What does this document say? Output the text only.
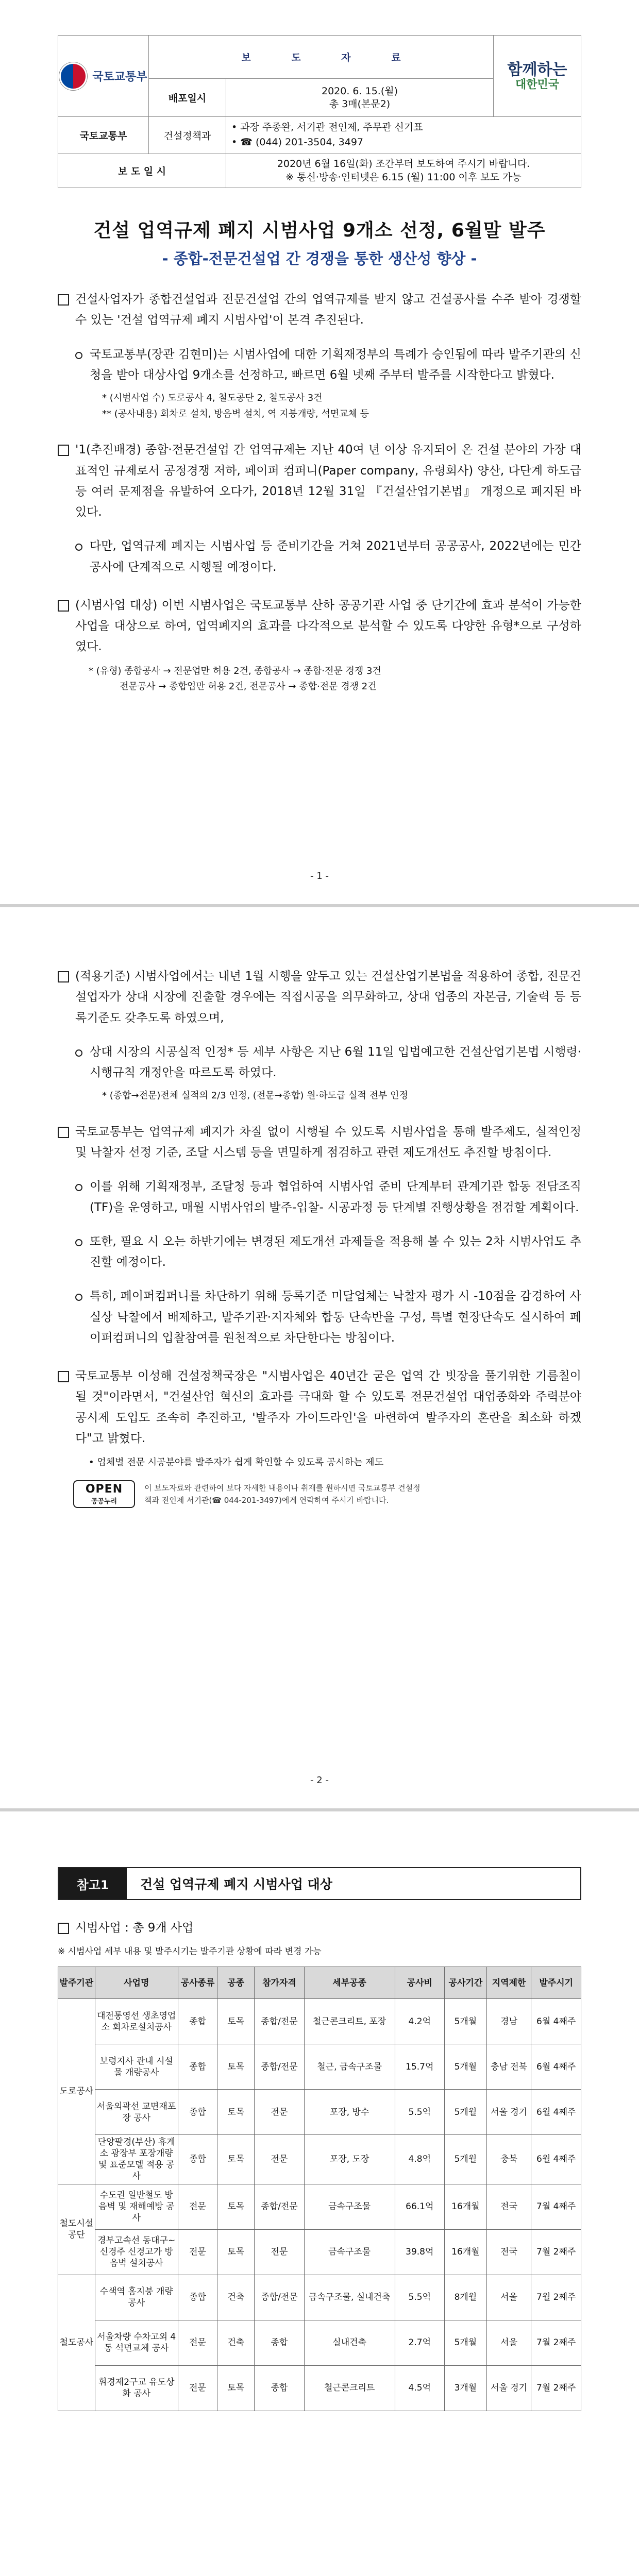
국토교통부	보 도 자 료		함께하는
대한민국

	배포일시	2020. 6. 15.(월)
총 3매(본문2)	

국토교통부	건설정책과	• 과장 주종완, 서기관 전인제, 주무관 신기표
• ☎ (044) 201-3504, 3497	

보 도 일 시		2020년 6월 16일(화) 조간부터 보도하여 주시기 바랍니다.
※ 통신·방송·인터넷은 6.15 (월) 11:00 이후 보도 가능	
건설 업역규제 폐지 시범사업 9개소 선정, 6월말 발주
- 종합-전문건설업 간 경쟁을 통한 생산성 향상 -
건설사업자가 종합건설업과 전문건설업 간의 업역규제를 받지 않고 건설공사를 수주 받아 경쟁할 수 있는 '건설 업역규제 폐지 시범사업'이 본격 추진된다.
국토교통부(장관 김현미)는 시범사업에 대한 기획재정부의 특례가 승인됨에 따라 발주기관의 신청을 받아 대상사업 9개소를 선정하고, 빠르면 6월 넷째 주부터 발주를 시작한다고 밝혔다.
* (시범사업 수) 도로공사 4, 철도공단 2, 철도공사 3건
** (공사내용) 회차로 설치, 방음벽 설치, 역 지붕개량, 석면교체 등
'1(추진배경) 종합·전문건설업 간 업역규제는 지난 40여 년 이상 유지되어 온 건설 분야의 가장 대표적인 규제로서 공정경쟁 저하, 페이퍼 컴퍼니(Paper company, 유령회사) 양산, 다단계 하도급 등 여러 문제점을 유발하여 오다가, 2018년 12월 31일 『건설산업기본법』 개정으로 폐지된 바 있다.
다만, 업역규제 폐지는 시범사업 등 준비기간을 거쳐 2021년부터 공공공사, 2022년에는 민간공사에 단계적으로 시행될 예정이다.
(시범사업 대상) 이번 시범사업은 국토교통부 산하 공공기관 사업 중 단기간에 효과 분석이 가능한 사업을 대상으로 하여, 업역폐지의 효과를 다각적으로 분석할 수 있도록 다양한 유형*으로 구성하였다.
* (유형) 종합공사 → 전문업만 허용 2건, 종합공사 → 종합·전문 경쟁 3건
전문공사 → 종합업만 허용 2건, 전문공사 → 종합·전문 경쟁 2건
- 1 -
(적용기준) 시범사업에서는 내년 1월 시행을 앞두고 있는 건설산업기본법을 적용하여 종합, 전문건설업자가 상대 시장에 진출할 경우에는 직접시공을 의무화하고, 상대 업종의 자본금, 기술력 등 등록기준도 갖추도록 하였으며,
상대 시장의 시공실적 인정* 등 세부 사항은 지난 6월 11일 입법예고한 건설산업기본법 시행령·시행규칙 개정안을 따르도록 하였다.
* (종합→전문)전체 실적의 2/3 인정, (전문→종합) 원·하도급 실적 전부 인정
국토교통부는 업역규제 폐지가 차질 없이 시행될 수 있도록 시범사업을 통해 발주제도, 실적인정 및 낙찰자 선정 기준, 조달 시스템 등을 면밀하게 점검하고 관련 제도개선도 추진할 방침이다.
이를 위해 기획재정부, 조달청 등과 협업하여 시범사업 준비 단계부터 관계기관 합동 전담조직(TF)을 운영하고, 매월 시범사업의 발주-입찰- 시공과정 등 단계별 진행상황을 점검할 계획이다.
또한, 필요 시 오는 하반기에는 변경된 제도개선 과제들을 적용해 볼 수 있는 2차 시범사업도 추진할 예정이다.
특히, 페이퍼컴퍼니를 차단하기 위해 등록기준 미달업체는 낙찰자 평가 시 -10점을 감경하여 사실상 낙찰에서 배제하고, 발주기관·지자체와 합동 단속반을 구성, 특별 현장단속도 실시하여 페이퍼컴퍼니의 입찰참여를 원천적으로 차단한다는 방침이다.
국토교통부 이성해 건설정책국장은 "시범사업은 40년간 굳은 업역 간 빗장을 풀기위한 기름칠이 될 것"이라면서, "건설산업 혁신의 효과를 극대화 할 수 있도록 전문건설업 대업종화와 주력분야 공시제 도입도 조속히 추진하고, '발주자 가이드라인'을 마련하여 발주자의 혼란을 최소화 하겠다"고 밝혔다.
• 업체별 전문 시공분야를 발주자가 쉽게 확인할 수 있도록 공시하는 제도
OPEN
공공누리
이 보도자료와 관련하여 보다 자세한 내용이나 취재를 원하시면 국토교통부 건설정
책과 전인제 서기관(☎ 044-201-3497)에게 연락하여 주시기 바랍니다.
- 2 -
참고1	건설 업역규제 폐지 시범사업 대상
시범사업 : 총 9개 사업
※ 시범사업 세부 내용 및 발주시기는 발주기관 상황에 따라 변경 가능
발주기관	사업명	공사종류	공종	참가자격	세부공종	공사비	공사기간	지역제한	발주시기
도로공사	대전통영선 생초영업소 회차로설치공사	종합	토목	종합/전문	철근콘크리트, 포장	4.2억	5개월	경남	6월 4째주
	보령지사 관내 시설물 개량공사	종합	토목	종합/전문	철근, 금속구조물	15.7억	5개월	충남 전북	6월 4째주
	서울외곽선 교면재포장 공사	종합	토목	전문	포장, 방수	5.5억	5개월	서울 경기	6월 4째주
	단양팔경(부산) 휴게소 광장부 포장개량 및 표준모델 적용 공사	종합	토목	전문	포장, 도장	4.8억	5개월	충북	6월 4째주
철도시설공단	수도권 일반철도 방음벽 및 재해예방 공사	전문	토목	종합/전문	금속구조물	66.1억	16개월	전국	7월 4째주
	경부고속선 동대구~신경주 신경고가 방음벽 설치공사	전문	토목	전문	금속구조물	39.8억	16개월	전국	7월 2째주
철도공사	수색역 홈지붕 개량공사	종합	건축	종합/전문	금속구조물, 실내건축	5.5억	8개월	서울	7월 2째주
	서울차량 수차고외 4동 석면교체 공사	전문	건축	종합	실내건축	2.7억	5개월	서울	7월 2째주
	휘경제2구교 유도상화 공사	전문	토목	종합	철근콘크리트	4.5억	3개월	서울 경기	7월 2째주
